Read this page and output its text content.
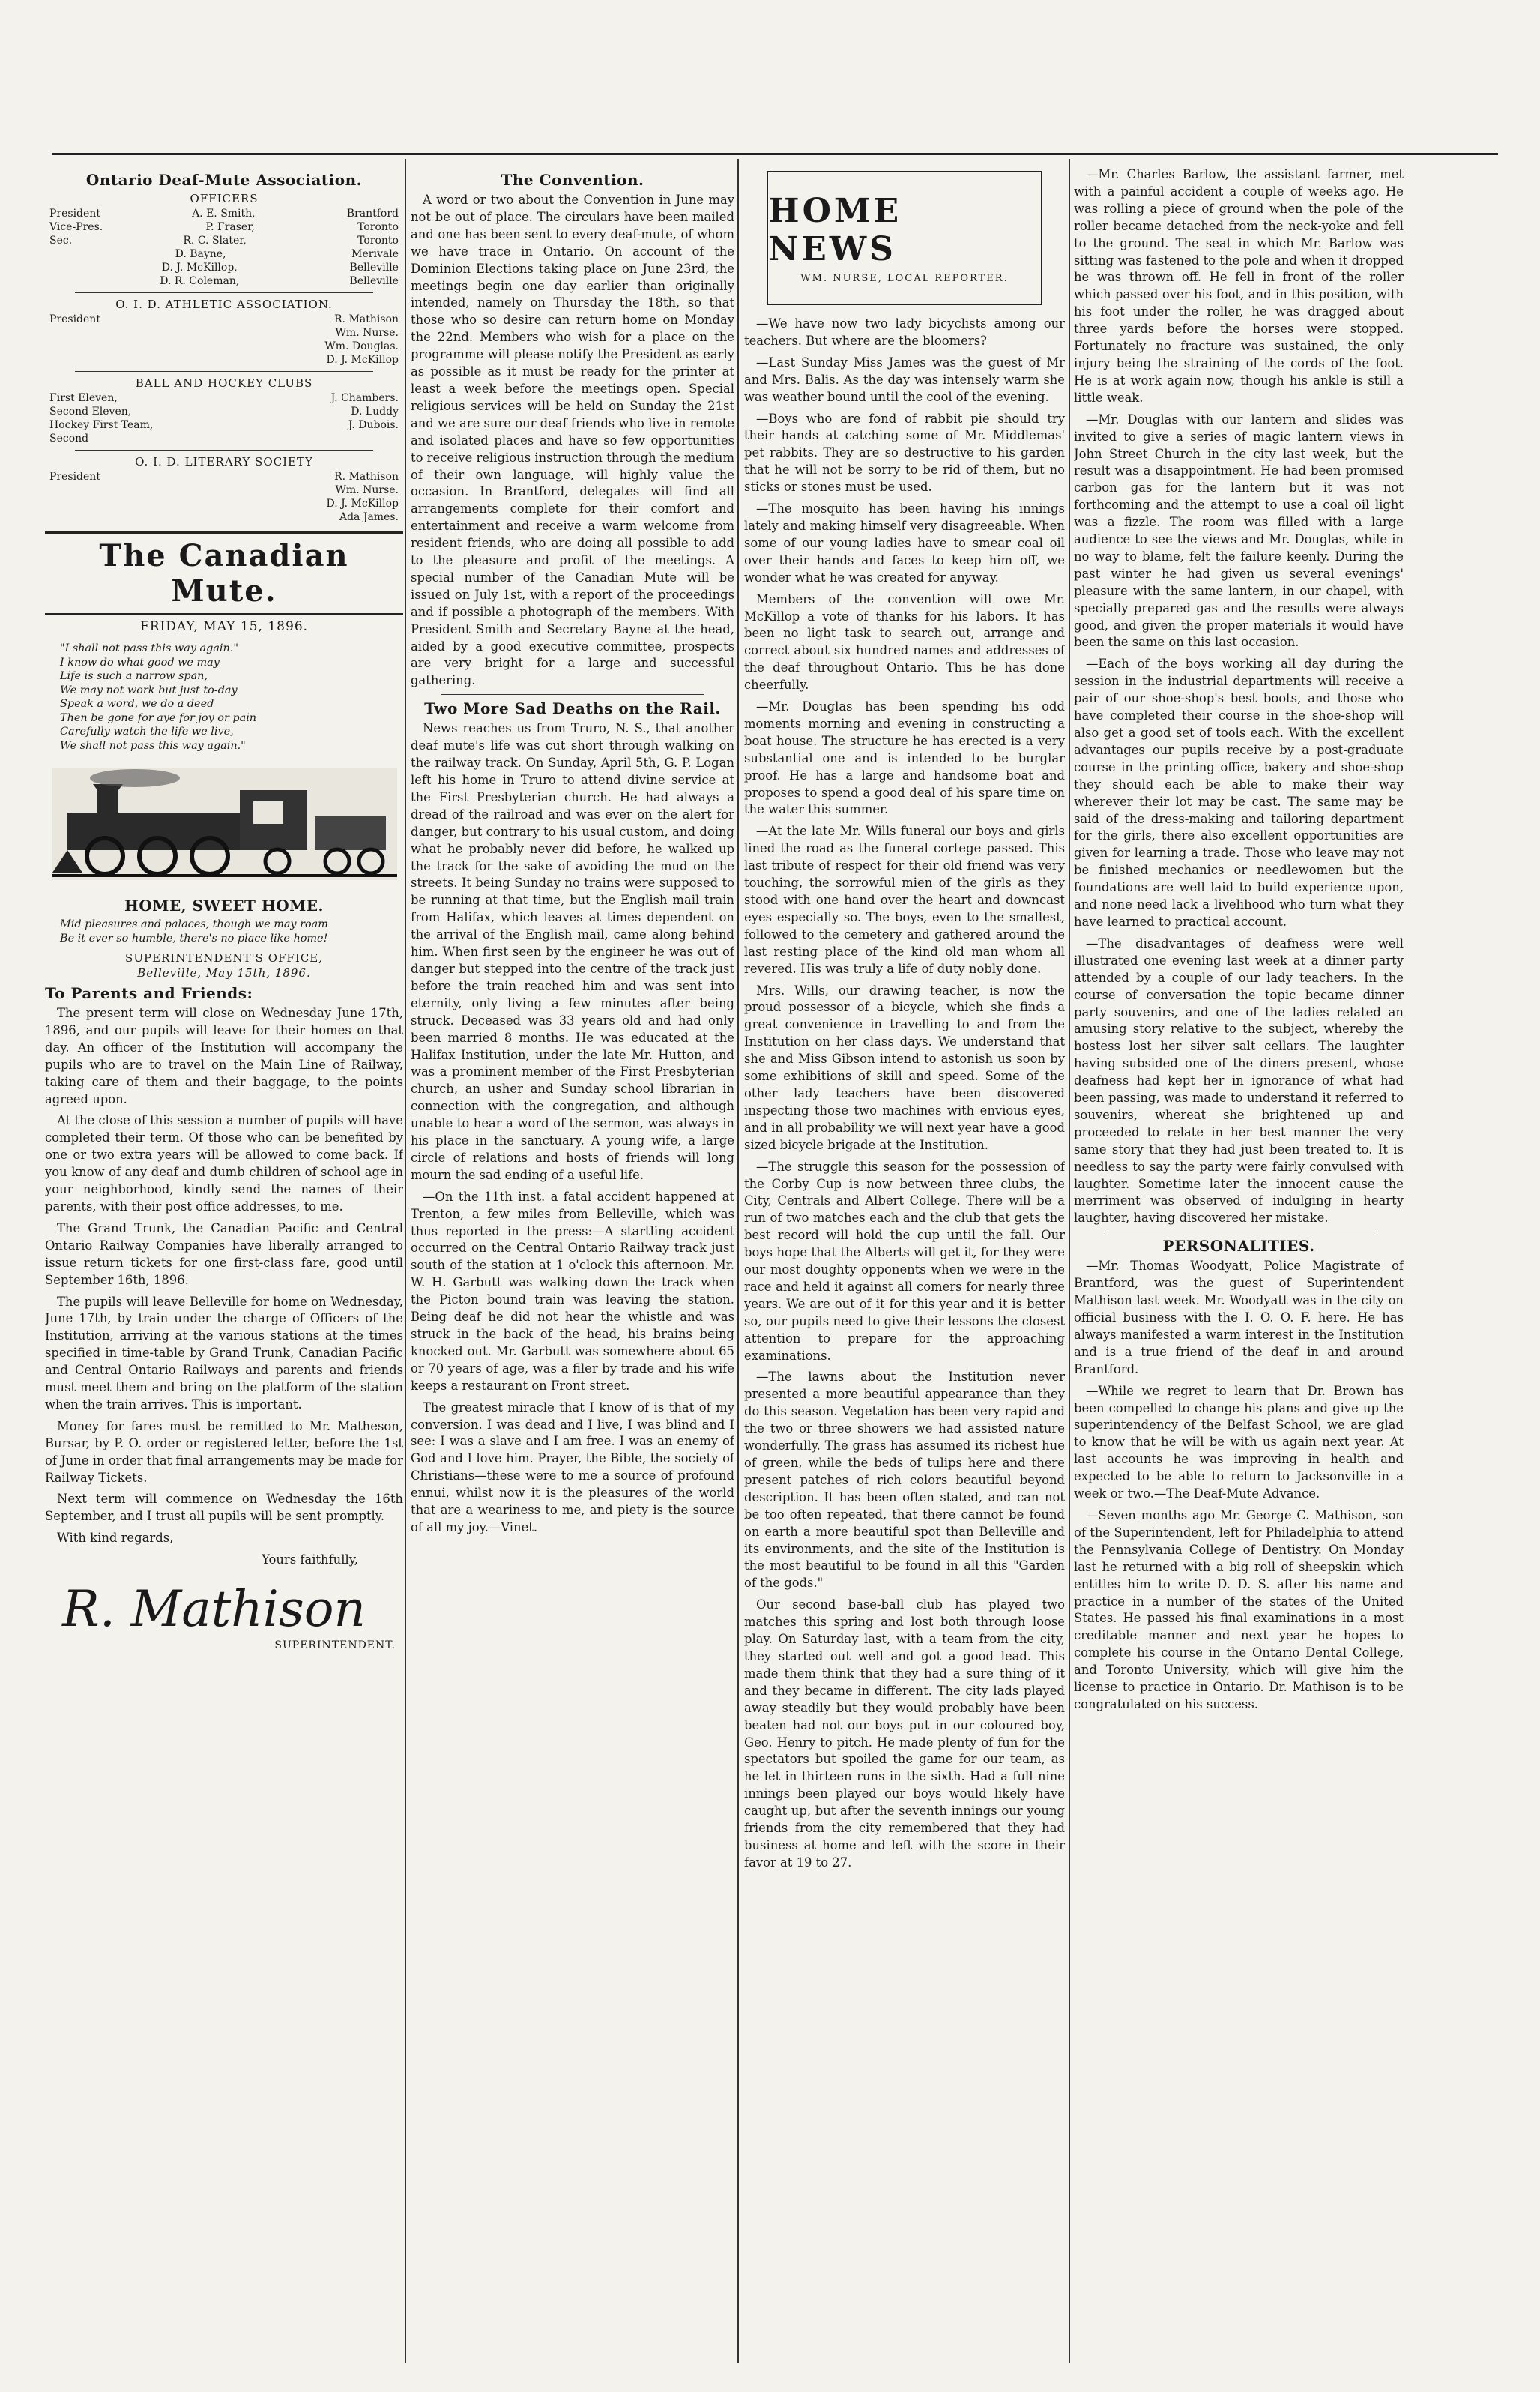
Ontario Deaf-Mute Association.
OFFICERS
President	A. E. Smith,	Brantford
Vice-Pres.	P. Fraser,	Toronto
Sec.	R. C. Slater,	Toronto
D. Bayne,	Merivale
D. J. McKillop,	Belleville
D. R. Coleman,	Belleville
O. I. D. ATHLETIC ASSOCIATION.
President	R. Mathison
Wm. Nurse.
Wm. Douglas.
D. J. McKillop
BALL AND HOCKEY CLUBS
First Eleven,	J. Chambers.
Second Eleven,	D. Luddy
Hockey First Team,	J. Dubois.
Second
O. I. D. LITERARY SOCIETY
President	R. Mathison
Wm. Nurse.
D. J. McKillop
Ada James.
The Canadian Mute.
FRIDAY, MAY 15, 1896.
"I shall not pass this way again."
I know do what good we may
Life is such a narrow span,
We may not work but just to-day
Speak a word, we do a deed
Then be gone for aye for joy or pain
Carefully watch the life we live,
We shall not pass this way again."
HOME, SWEET HOME.
Mid pleasures and palaces, though we may roam
Be it ever so humble, there's no place like home!
SUPERINTENDENT'S OFFICE,
Belleville, May 15th, 1896.
To Parents and Friends:
The present term will close on Wednesday June 17th, 1896, and our pupils will leave for their homes on that day. An officer of the Institution will accompany the pupils who are to travel on the Main Line of Railway, taking care of them and their baggage, to the points agreed upon.
At the close of this session a number of pupils will have completed their term. Of those who can be benefited by one or two extra years will be allowed to come back. If you know of any deaf and dumb children of school age in your neighborhood, kindly send the names of their parents, with their post office addresses, to me.
The Grand Trunk, the Canadian Pacific and Central Ontario Railway Companies have liberally arranged to issue return tickets for one first-class fare, good until September 16th, 1896.
The pupils will leave Belleville for home on Wednesday, June 17th, by train under the charge of Officers of the Institution, arriving at the various stations at the times specified in time-table by Grand Trunk, Canadian Pacific and Central Ontario Railways and parents and friends must meet them and bring on the platform of the station when the train arrives. This is important.
Money for fares must be remitted to Mr. Matheson, Bursar, by P. O. order or registered letter, before the 1st of June in order that final arrangements may be made for Railway Tickets.
Next term will commence on Wednesday the 16th September, and I trust all pupils will be sent promptly.
With kind regards,
Yours faithfully,
R. Mathison
SUPERINTENDENT.
The Convention.
A word or two about the Convention in June may not be out of place. The circulars have been mailed and one has been sent to every deaf-mute, of whom we have trace in Ontario. On account of the Dominion Elections taking place on June 23rd, the meetings begin one day earlier than originally intended, namely on Thursday the 18th, so that those who so desire can return home on Monday the 22nd. Members who wish for a place on the programme will please notify the President as early as possible as it must be ready for the printer at least a week before the meetings open. Special religious services will be held on Sunday the 21st and we are sure our deaf friends who live in remote and isolated places and have so few opportunities to receive religious instruction through the medium of their own language, will highly value the occasion. In Brantford, delegates will find all arrangements complete for their comfort and entertainment and receive a warm welcome from resident friends, who are doing all possible to add to the pleasure and profit of the meetings. A special number of the Canadian Mute will be issued on July 1st, with a report of the proceedings and if possible a photograph of the members. With President Smith and Secretary Bayne at the head, aided by a good executive committee, prospects are very bright for a large and successful gathering.
Two More Sad Deaths on the Rail.
News reaches us from Truro, N. S., that another deaf mute's life was cut short through walking on the railway track. On Sunday, April 5th, G. P. Logan left his home in Truro to attend divine service at the First Presbyterian church. He had always a dread of the railroad and was ever on the alert for danger, but contrary to his usual custom, and doing what he probably never did before, he walked up the track for the sake of avoiding the mud on the streets. It being Sunday no trains were supposed to be running at that time, but the English mail train from Halifax, which leaves at times dependent on the arrival of the English mail, came along behind him. When first seen by the engineer he was out of danger but stepped into the centre of the track just before the train reached him and was sent into eternity, only living a few minutes after being struck. Deceased was 33 years old and had only been married 8 months. He was educated at the Halifax Institution, under the late Mr. Hutton, and was a prominent member of the First Presbyterian church, an usher and Sunday school librarian in connection with the congregation, and although unable to hear a word of the sermon, was always in his place in the sanctuary. A young wife, a large circle of relations and hosts of friends will long mourn the sad ending of a useful life.
—On the 11th inst. a fatal accident happened at Trenton, a few miles from Belleville, which was thus reported in the press:—A startling accident occurred on the Central Ontario Railway track just south of the station at 1 o'clock this afternoon. Mr. W. H. Garbutt was walking down the track when the Picton bound train was leaving the station. Being deaf he did not hear the whistle and was struck in the back of the head, his brains being knocked out. Mr. Garbutt was somewhere about 65 or 70 years of age, was a filer by trade and his wife keeps a restaurant on Front street.
The greatest miracle that I know of is that of my conversion. I was dead and I live, I was blind and I see: I was a slave and I am free. I was an enemy of God and I love him. Prayer, the Bible, the society of Christians—these were to me a source of profound ennui, whilst now it is the pleasures of the world that are a weariness to me, and piety is the source of all my joy.—Vinet.
HOME NEWS
WM. NURSE, LOCAL REPORTER.
—We have now two lady bicyclists among our teachers. But where are the bloomers?
—Last Sunday Miss James was the guest of Mr and Mrs. Balis. As the day was intensely warm she was weather bound until the cool of the evening.
—Boys who are fond of rabbit pie should try their hands at catching some of Mr. Middlemas' pet rabbits. They are so destructive to his garden that he will not be sorry to be rid of them, but no sticks or stones must be used.
—The mosquito has been having his innings lately and making himself very disagreeable. When some of our young ladies have to smear coal oil over their hands and faces to keep him off, we wonder what he was created for anyway.
Members of the convention will owe Mr. McKillop a vote of thanks for his labors. It has been no light task to search out, arrange and correct about six hundred names and addresses of the deaf throughout Ontario. This he has done cheerfully.
—Mr. Douglas has been spending his odd moments morning and evening in constructing a boat house. The structure he has erected is a very substantial one and is intended to be burglar proof. He has a large and handsome boat and proposes to spend a good deal of his spare time on the water this summer.
—At the late Mr. Wills funeral our boys and girls lined the road as the funeral cortege passed. This last tribute of respect for their old friend was very touching, the sorrowful mien of the girls as they stood with one hand over the heart and downcast eyes especially so. The boys, even to the smallest, followed to the cemetery and gathered around the last resting place of the kind old man whom all revered. His was truly a life of duty nobly done.
Mrs. Wills, our drawing teacher, is now the proud possessor of a bicycle, which she finds a great convenience in travelling to and from the Institution on her class days. We understand that she and Miss Gibson intend to astonish us soon by some exhibitions of skill and speed. Some of the other lady teachers have been discovered inspecting those two machines with envious eyes, and in all probability we will next year have a good sized bicycle brigade at the Institution.
—The struggle this season for the possession of the Corby Cup is now between three clubs, the City, Centrals and Albert College. There will be a run of two matches each and the club that gets the best record will hold the cup until the fall. Our boys hope that the Alberts will get it, for they were our most doughty opponents when we were in the race and held it against all comers for nearly three years. We are out of it for this year and it is better so, our pupils need to give their lessons the closest attention to prepare for the approaching examinations.
—The lawns about the Institution never presented a more beautiful appearance than they do this season. Vegetation has been very rapid and the two or three showers we had assisted nature wonderfully. The grass has assumed its richest hue of green, while the beds of tulips here and there present patches of rich colors beautiful beyond description. It has been often stated, and can not be too often repeated, that there cannot be found on earth a more beautiful spot than Belleville and its environments, and the site of the Institution is the most beautiful to be found in all this "Garden of the gods."
Our second base-ball club has played two matches this spring and lost both through loose play. On Saturday last, with a team from the city, they started out well and got a good lead. This made them think that they had a sure thing of it and they became in different. The city lads played away steadily but they would probably have been beaten had not our boys put in our coloured boy, Geo. Henry to pitch. He made plenty of fun for the spectators but spoiled the game for our team, as he let in thirteen runs in the sixth. Had a full nine innings been played our boys would likely have caught up, but after the seventh innings our young friends from the city remembered that they had business at home and left with the score in their favor at 19 to 27.
—Mr. Charles Barlow, the assistant farmer, met with a painful accident a couple of weeks ago. He was rolling a piece of ground when the pole of the roller became detached from the neck-yoke and fell to the ground. The seat in which Mr. Barlow was sitting was fastened to the pole and when it dropped he was thrown off. He fell in front of the roller which passed over his foot, and in this position, with his foot under the roller, he was dragged about three yards before the horses were stopped. Fortunately no fracture was sustained, the only injury being the straining of the cords of the foot. He is at work again now, though his ankle is still a little weak.
—Mr. Douglas with our lantern and slides was invited to give a series of magic lantern views in John Street Church in the city last week, but the result was a disappointment. He had been promised carbon gas for the lantern but it was not forthcoming and the attempt to use a coal oil light was a fizzle. The room was filled with a large audience to see the views and Mr. Douglas, while in no way to blame, felt the failure keenly. During the past winter he had given us several evenings' pleasure with the same lantern, in our chapel, with specially prepared gas and the results were always good, and given the proper materials it would have been the same on this last occasion.
—Each of the boys working all day during the session in the industrial departments will receive a pair of our shoe-shop's best boots, and those who have completed their course in the shoe-shop will also get a good set of tools each. With the excellent advantages our pupils receive by a post-graduate course in the printing office, bakery and shoe-shop they should each be able to make their way wherever their lot may be cast. The same may be said of the dress-making and tailoring department for the girls, there also excellent opportunities are given for learning a trade. Those who leave may not be finished mechanics or needlewomen but the foundations are well laid to build experience upon, and none need lack a livelihood who turn what they have learned to practical account.
—The disadvantages of deafness were well illustrated one evening last week at a dinner party attended by a couple of our lady teachers. In the course of conversation the topic became dinner party souvenirs, and one of the ladies related an amusing story relative to the subject, whereby the hostess lost her silver salt cellars. The laughter having subsided one of the diners present, whose deafness had kept her in ignorance of what had been passing, was made to understand it referred to souvenirs, whereat she brightened up and proceeded to relate in her best manner the very same story that they had just been treated to. It is needless to say the party were fairly convulsed with laughter. Sometime later the innocent cause the merriment was observed of indulging in hearty laughter, having discovered her mistake.
PERSONALITIES.
—Mr. Thomas Woodyatt, Police Magistrate of Brantford, was the guest of Superintendent Mathison last week. Mr. Woodyatt was in the city on official business with the I. O. O. F. here. He has always manifested a warm interest in the Institution and is a true friend of the deaf in and around Brantford.
—While we regret to learn that Dr. Brown has been compelled to change his plans and give up the superintendency of the Belfast School, we are glad to know that he will be with us again next year. At last accounts he was improving in health and expected to be able to return to Jacksonville in a week or two.—The Deaf-Mute Advance.
—Seven months ago Mr. George C. Mathison, son of the Superintendent, left for Philadelphia to attend the Pennsylvania College of Dentistry. On Monday last he returned with a big roll of sheepskin which entitles him to write D. D. S. after his name and practice in a number of the states of the United States. He passed his final examinations in a most creditable manner and next year he hopes to complete his course in the Ontario Dental College, and Toronto University, which will give him the license to practice in Ontario. Dr. Mathison is to be congratulated on his success.
